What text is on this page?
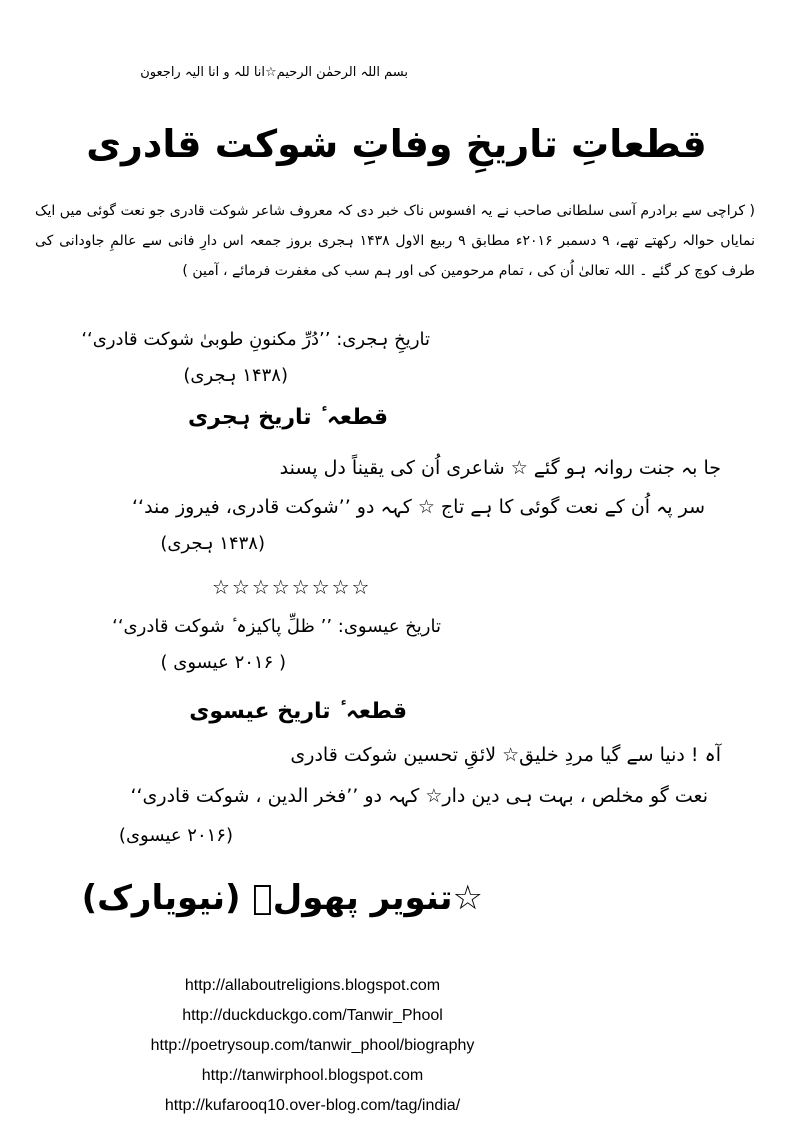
بسم اللہ الرحمٰن الرحیم☆انا للہ و انا الیہ راجعون
قطعاتِ تاریخِ وفاتِ شوکت قادری
( کراچی سے برادرم آسی سلطانی صاحب نے یہ افسوس ناک خبر دی کہ معروف شاعر شوکت قادری جو نعت گوئی میں ایک نمایاں حوالہ رکھتے تھے، ۹ دسمبر ۲۰۱۶ء مطابق ۹ ربیع الاول ۱۴۳۸ ہجری بروز جمعہ اس دارِ فانی سے عالمِ جاودانی کی طرف کوچ کر گئے ۔ اللہ تعالیٰ اُن کی ، تمام مرحومین کی اور ہم سب کی مغفرت فرمائے ، آمین )
تاریخِ ہجری: ’’دُرِّ مکنونِ طوبیٰ شوکت قادری‘‘
(۱۴۳۸ ہجری)
قطعہ ٔ تاریخ ہجری
جا بہ جنت روانہ ہو گئے ☆ شاعری اُن کی یقیناً دل پسند
سر پہ اُن کے نعت گوئی کا ہے تاج ☆ کہہ دو ’’شوکت قادری، فیروز مند‘‘
(۱۴۳۸ ہجری)
☆☆☆☆☆☆☆☆
تاریخ عیسوی: ’’ ظلِّ پاکیزہ ٔ شوکت قادری‘‘
( ۲۰۱۶ عیسوی )
قطعہ ٔ تاریخ عیسوی
آہ ! دنیا سے گیا مردِ خلیق☆ لائقِ تحسین شوکت قادری
نعت گو مخلص ، بہت ہی دین دار☆ کہہ دو ’’فخر الدین ، شوکت قادری‘‘
(۲۰۱۶ عیسوی)
☆تنویر پھولؔ (نیویارک)
http://allaboutreligions.blogspot.com
http://duckduckgo.com/Tanwir_Phool
http://poetrysoup.com/tanwir_phool/biography
http://tanwirphool.blogspot.com
http://kufarooq10.over-blog.com/tag/india/
